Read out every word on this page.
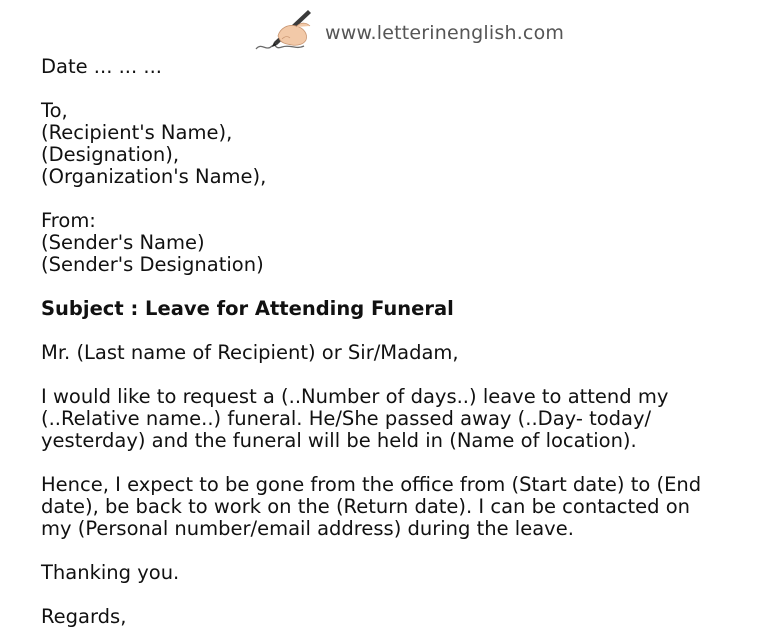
www.letterinenglish.com
Date ... ... ...
To,
(Recipient's Name),
(Designation),
(Organization's Name),
From:
(Sender's Name)
(Sender's Designation)
Subject : Leave for Attending Funeral
Mr. (Last name of Recipient) or Sir/Madam,
I would like to request a (..Number of days..) leave to attend my
(..Relative name..) funeral. He/She passed away (..Day- today/
yesterday) and the funeral will be held in (Name of location).
Hence, I expect to be gone from the office from (Start date) to (End
date), be back to work on the (Return date). I can be contacted on
my (Personal number/email address) during the leave.
Thanking you.
Regards,
